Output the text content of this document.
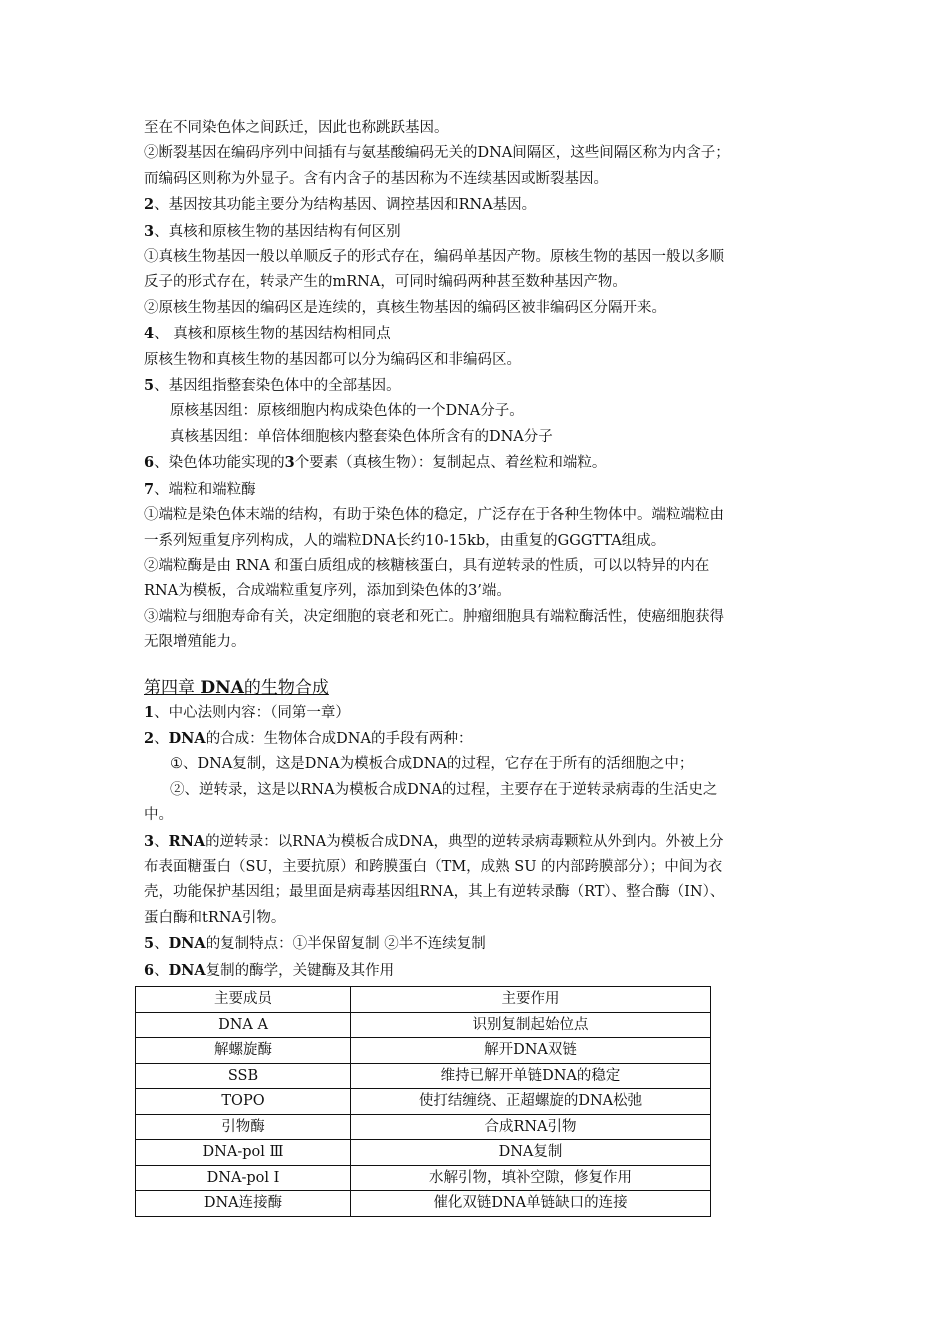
至在不同染色体之间跃迁，因此也称跳跃基因。
②断裂基因在编码序列中间插有与氨基酸编码无关的DNA间隔区，这些间隔区称为内含子；
而编码区则称为外显子。含有内含子的基因称为不连续基因或断裂基因。
2、基因按其功能主要分为结构基因、调控基因和RNA基因。
3、真核和原核生物的基因结构有何区别
①真核生物基因一般以单顺反子的形式存在，编码单基因产物。原核生物的基因一般以多顺
反子的形式存在，转录产生的mRNA，可同时编码两种甚至数种基因产物。
②原核生物基因的编码区是连续的，真核生物基因的编码区被非编码区分隔开来。
4、 真核和原核生物的基因结构相同点
原核生物和真核生物的基因都可以分为编码区和非编码区。
5、基因组指整套染色体中的全部基因。
原核基因组：原核细胞内构成染色体的一个DNA分子。
真核基因组：单倍体细胞核内整套染色体所含有的DNA分子
6、染色体功能实现的3个要素（真核生物）：复制起点、着丝粒和端粒。
7、端粒和端粒酶
①端粒是染色体末端的结构，有助于染色体的稳定，广泛存在于各种生物体中。端粒端粒由
一系列短重复序列构成，人的端粒DNA长约10-15kb，由重复的GGGTTA组成。
②端粒酶是由 RNA 和蛋白质组成的核糖核蛋白，具有逆转录的性质，可以以特异的内在
RNA为模板，合成端粒重复序列，添加到染色体的3’端。
③端粒与细胞寿命有关，决定细胞的衰老和死亡。肿瘤细胞具有端粒酶活性，使癌细胞获得
无限增殖能力。
第四章 DNA的生物合成
1、中心法则内容：（同第一章）
2、DNA的合成：生物体合成DNA的手段有两种：
①、DNA复制，这是DNA为模板合成DNA的过程，它存在于所有的活细胞之中；
②、逆转录，这是以RNA为模板合成DNA的过程，主要存在于逆转录病毒的生活史之
中。
3、RNA的逆转录：以RNA为模板合成DNA，典型的逆转录病毒颗粒从外到内。外被上分
布表面糖蛋白（SU，主要抗原）和跨膜蛋白（TM，成熟 SU 的内部跨膜部分）；中间为衣
壳，功能保护基因组；最里面是病毒基因组RNA，其上有逆转录酶（RT）、整合酶（IN）、
蛋白酶和tRNA引物。
5、DNA的复制特点：①半保留复制 ②半不连续复制
6、DNA复制的酶学，关键酶及其作用
主要成员	主要作用
DNA A	识别复制起始位点
解螺旋酶	解开DNA双链
SSB	维持已解开单链DNA的稳定
TOPO	使打结缠绕、正超螺旋的DNA松弛
引物酶	合成RNA引物
DNA-pol Ⅲ	DNA复制
DNA-pol Ⅰ	水解引物，填补空隙，修复作用
DNA连接酶	催化双链DNA单链缺口的连接
